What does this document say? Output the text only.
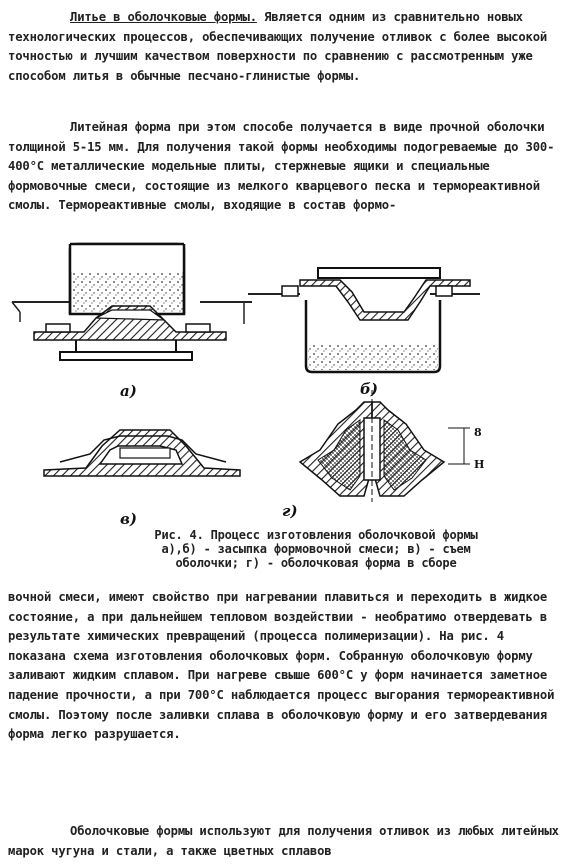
Литье в оболочковые формы. Является одним из сравнительно новых технологических процессов, обеспечивающих получение отливок с более высокой точностью и лучшим качеством поверхности по сравнению с рассмотренным уже способом литья в обычные песчано-глинистые формы.

Литейная форма при этом способе получается в виде прочной оболочки толщиной 5-15 мм. Для получения такой формы необходимы подогреваемые до 300-400°С металлические модельные плиты, стержневые ящики и специальные формовочные смеси, состоящие из мелкого кварцевого песка и термореактивной смолы. Термореактивные смолы, входящие в состав формо-

а)	б)
в)	г)
8
H
Рис. 4. Процесс изготовления оболочковой формы
а),б) - засыпка формовочной смеси; в) - съем
оболочки; г) - оболочковая форма в сборе

вочной смеси, имеют свойство при нагревании плавиться и переходить в жидкое состояние, а при дальнейшем тепловом воздействии - необратимо отвердевать в результате химических превращений (процесса полимеризации). На рис. 4 показана схема изготовления оболочковых форм. Собранную оболочковую форму заливают жидким сплавом. При нагреве свыше 600°С у форм начинается заметное падение прочности, а при 700°С наблюдается процесс выгорания термореактивной смолы. Поэтому после заливки сплава в оболочковую форму и его затвердевания форма легко разрушается.

Оболочковые формы используют для получения отливок из любых литейных марок чугуна и стали, а также цветных сплавов
